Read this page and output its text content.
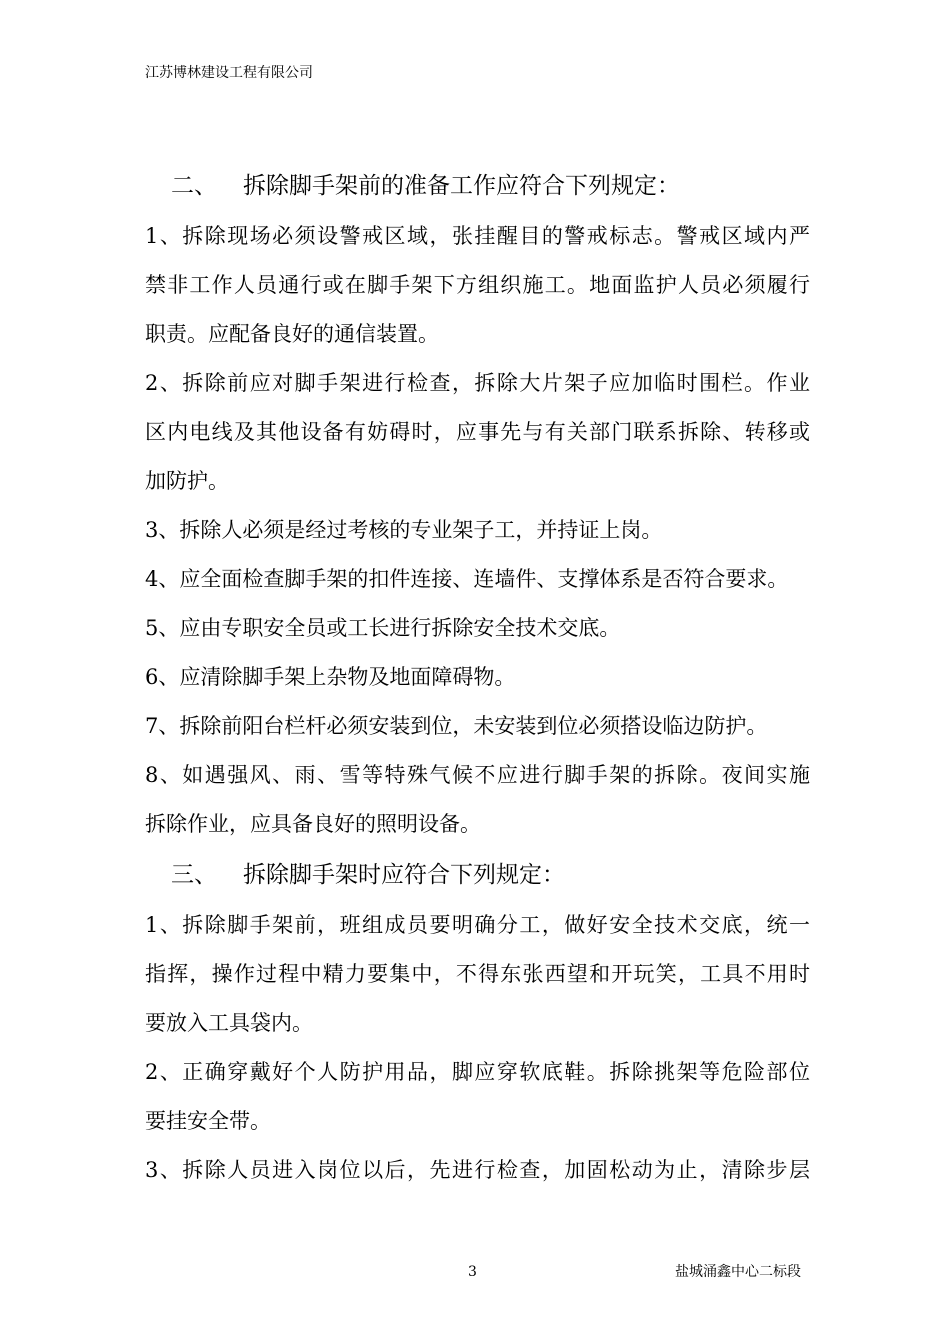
江苏博林建设工程有限公司
二、 拆除脚手架前的准备工作应符合下列规定：
1、拆除现场必须设警戒区域，张挂醒目的警戒标志。警戒区域内严
禁非工作人员通行或在脚手架下方组织施工。地面监护人员必须履行
职责。应配备良好的通信装置。
2、拆除前应对脚手架进行检查，拆除大片架子应加临时围栏。作业
区内电线及其他设备有妨碍时，应事先与有关部门联系拆除、转移或
加防护。
3、拆除人必须是经过考核的专业架子工，并持证上岗。
4、应全面检查脚手架的扣件连接、连墙件、支撑体系是否符合要求。
5、应由专职安全员或工长进行拆除安全技术交底。
6、应清除脚手架上杂物及地面障碍物。
7、拆除前阳台栏杆必须安装到位，未安装到位必须搭设临边防护。
8、如遇强风、雨、雪等特殊气候不应进行脚手架的拆除。夜间实施
拆除作业，应具备良好的照明设备。
三、 拆除脚手架时应符合下列规定：
1、拆除脚手架前，班组成员要明确分工，做好安全技术交底，统一
指挥，操作过程中精力要集中，不得东张西望和开玩笑，工具不用时
要放入工具袋内。
2、正确穿戴好个人防护用品，脚应穿软底鞋。拆除挑架等危险部位
要挂安全带。
3、拆除人员进入岗位以后，先进行检查，加固松动为止，清除步层
3	盐城涌鑫中心二标段
